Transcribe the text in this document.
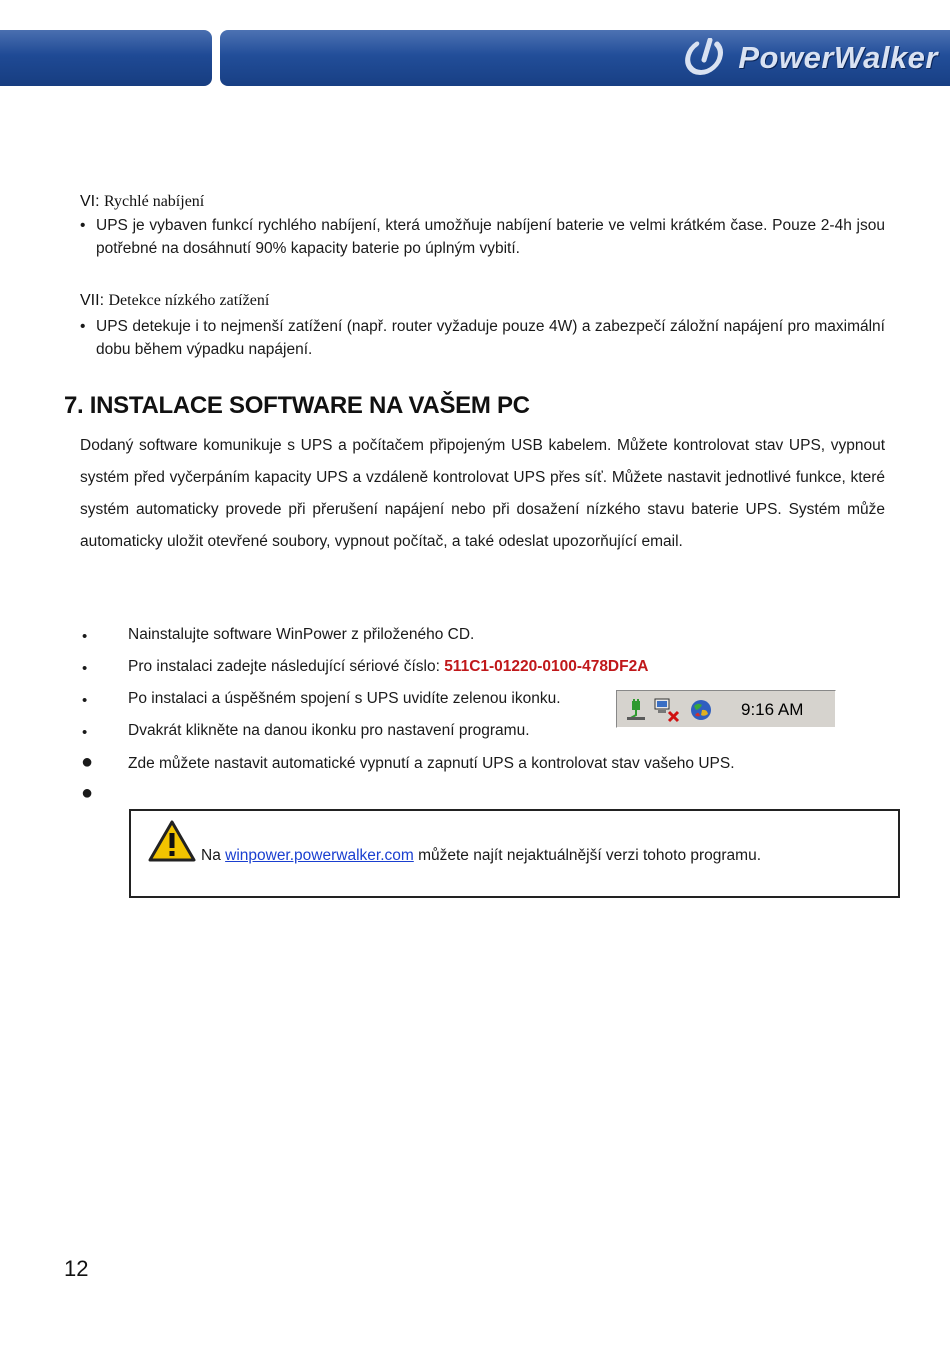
PowerWalker
VI: Rychlé nabíjení
• UPS je vybaven funkcí rychlého nabíjení, která umožňuje nabíjení baterie ve velmi krátkém čase. Pouze 2-4h jsou potřebné na dosáhnutí 90% kapacity baterie po úplným vybití.
VII: Detekce nízkého zatížení
• UPS detekuje i to nejmenší zatížení (např. router vyžaduje pouze 4W) a zabezpečí záložní napájení pro maximální dobu během výpadku napájení.
7. INSTALACE SOFTWARE NA VAŠEM PC
Dodaný software komunikuje s UPS a počítačem připojeným USB kabelem. Můžete kontrolovat stav UPS, vypnout systém před vyčerpáním kapacity UPS a vzdáleně kontrolovat UPS přes síť. Můžete nastavit jednotlivé funkce, které systém automaticky provede při přerušení napájení nebo při dosažení nízkého stavu baterie UPS. Systém může automaticky uložit otevřené soubory, vypnout počítač, a také odeslat upozorňující email.
•	Nainstalujte software WinPower z přiloženého CD.
•	Pro instalaci zadejte následující sériové číslo: 511C1-01220-0100-478DF2A
•	Po instalaci a úspěšném spojení s UPS uvidíte zelenou ikonku.
•	Dvakrát klikněte na danou ikonku pro nastavení programu.
● Zde můžete nastavit automatické vypnutí a zapnutí UPS a kontrolovat stav vašeho UPS.
●
9:16 AM
Na winpower.powerwalker.com můžete najít nejaktuálnější verzi tohoto programu.
12
